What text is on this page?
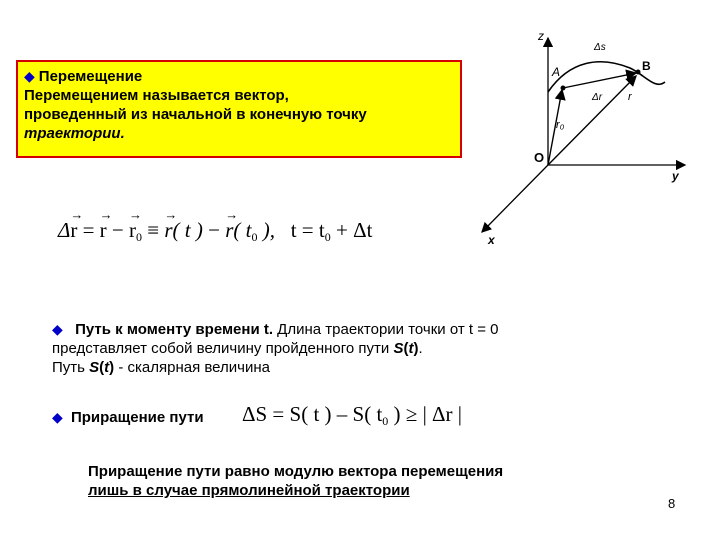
◆ Перемещение
Перемещением называется вектор,
проведенный из начальной в конечную точку
траектории.
Δ→ r = → r − → $r_0$ ≡ → r( t ) − → r( $t_0$ ), $t = t_0 + \Delta t$
z
y
x
O
A	B
Δs
Δr r
r₀
◆ Путь к моменту времени t. Длина траектории точки от t = 0
представляет собой величину пройденного пути S(t).
Путь S(t) - скалярная величина
◆ Приращение пути ΔS = S( t ) – S( $t_0$ ) ≥ | Δr |
Приращение пути равно модулю вектора перемещения
лишь в случае прямолинейной траектории
8
